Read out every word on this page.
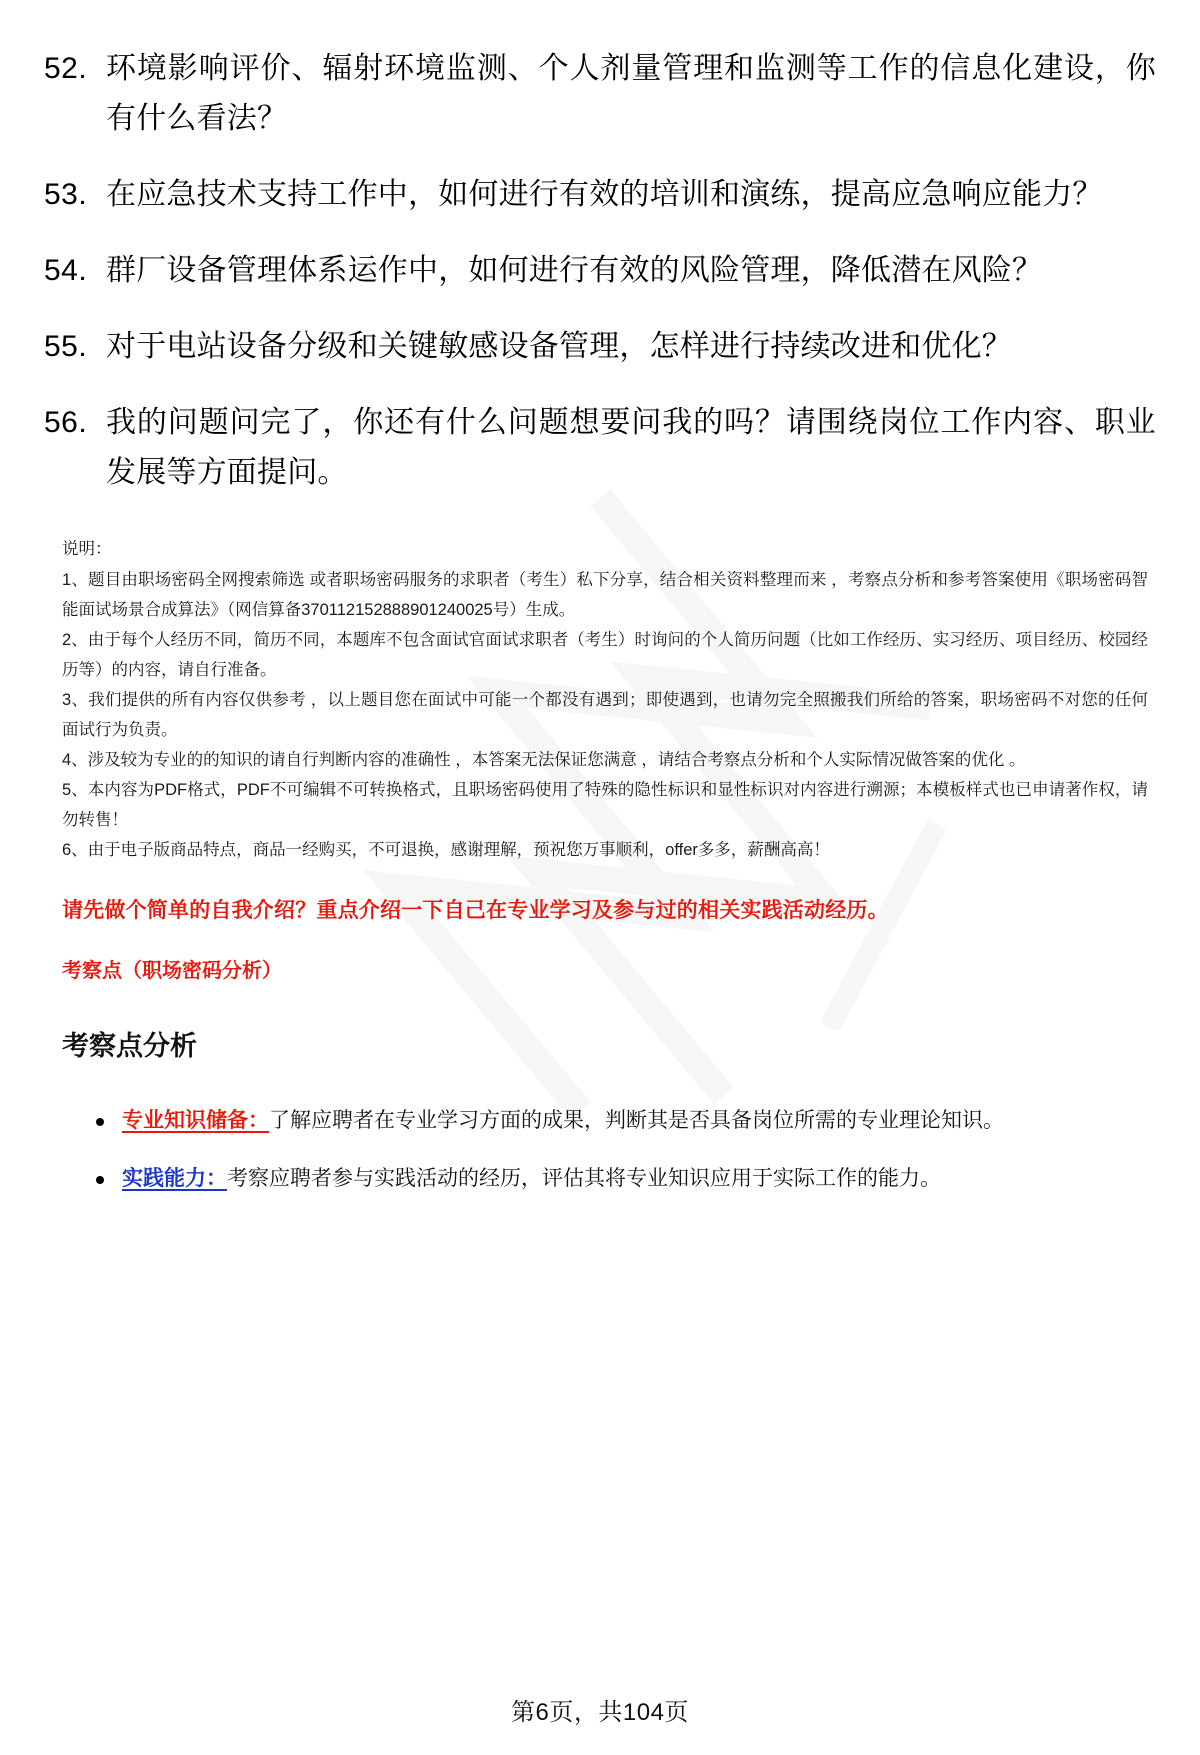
52. 环境影响评价、辐射环境监测、个人剂量管理和监测等工作的信息化建设，你有什么看法？
53. 在应急技术支持工作中，如何进行有效的培训和演练，提高应急响应能力？
54. 群厂设备管理体系运作中，如何进行有效的风险管理，降低潜在风险？
55. 对于电站设备分级和关键敏感设备管理，怎样进行持续改进和优化？
56. 我的问题问完了，你还有什么问题想要问我的吗？请围绕岗位工作内容、职业发展等方面提问。

说明：

1、题目由职场密码全网搜索筛选 或者职场密码服务的求职者（考生）私下分享，结合相关资料整理而来 ，考察点分析和参考答案使用《职场密码智能面试场景合成算法》（网信算备370112152888901240025号）生成。

2、由于每个人经历不同，简历不同，本题库不包含面试官面试求职者（考生）时询问的个人简历问题（比如工作经历、实习经历、项目经历、校园经历等）的内容，请自行准备。

3、我们提供的所有内容仅供参考 ，以上题目您在面试中可能一个都没有遇到；即使遇到，也请勿完全照搬我们所给的答案，职场密码不对您的任何面试行为负责。

4、涉及较为专业的的知识的请自行判断内容的准确性 ，本答案无法保证您满意 ，请结合考察点分析和个人实际情况做答案的优化 。

5、本内容为PDF格式，PDF不可编辑不可转换格式，且职场密码使用了特殊的隐性标识和显性标识对内容进行溯源；本模板样式也已申请著作权，请勿转售！

6、由于电子版商品特点，商品一经购买，不可退换，感谢理解，预祝您万事顺利，offer多多，薪酬高高！

请先做个简单的自我介绍？重点介绍一下自己在专业学习及参与过的相关实践活动经历。
考察点（职场密码分析）
考察点分析
专业知识储备：了解应聘者在专业学习方面的成果，判断其是否具备岗位所需的专业理论知识。
实践能力：考察应聘者参与实践活动的经历，评估其将专业知识应用于实际工作的能力。
第6页，共104页
